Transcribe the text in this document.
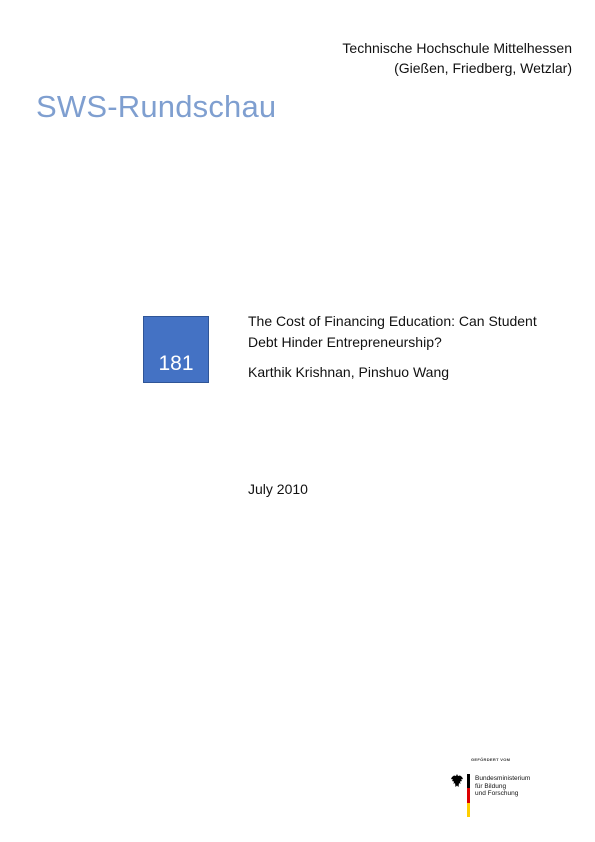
Technische Hochschule Mittelhessen
(Gießen, Friedberg, Wetzlar)
SWS-Rundschau
181
The Cost of Financing Education: Can Student Debt Hinder Entrepreneurship?
Karthik Krishnan, Pinshuo Wang
July 2010
GEFÖRDERT VOM
Bundesministerium
für Bildung
und Forschung
